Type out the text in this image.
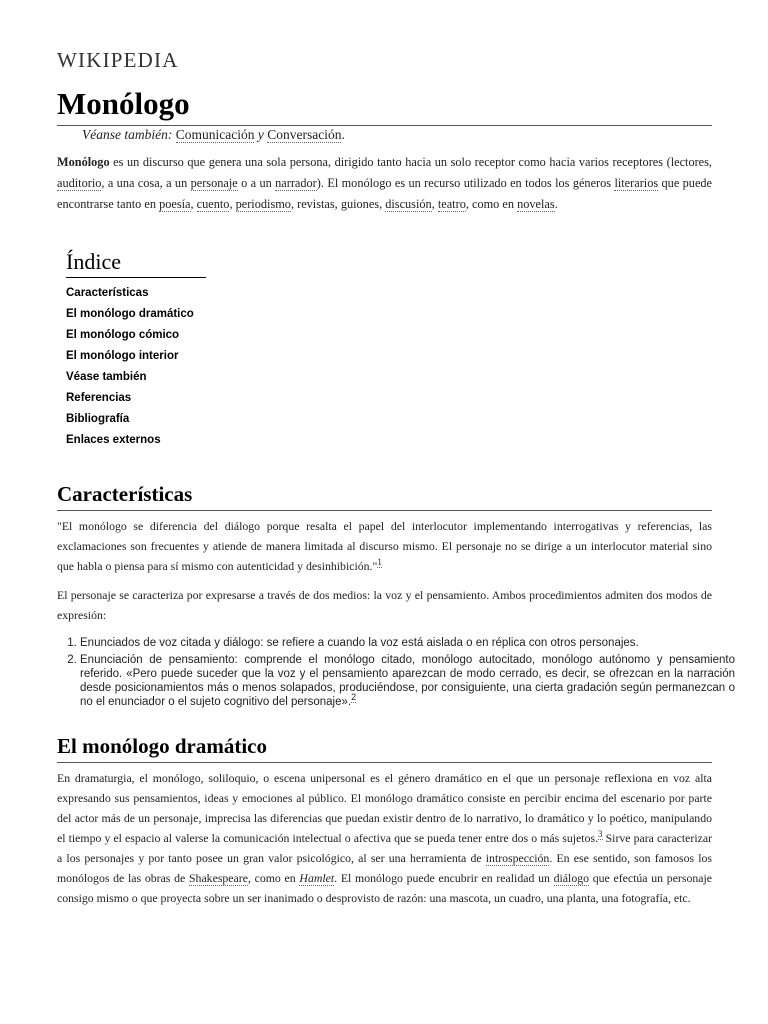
WIKIPEDIA
Monólogo
Véanse también: Comunicación y Conversación.
Monólogo es un discurso que genera una sola persona, dirigido tanto hacia un solo receptor como hacia varios receptores (lectores, auditorio, a una cosa, a un personaje o a un narrador). El monólogo es un recurso utilizado en todos los géneros literarios que puede encontrarse tanto en poesía, cuento, periodismo, revistas, guiones, discusión, teatro, como en novelas.
Índice
Características
El monólogo dramático
El monólogo cómico
El monólogo interior
Véase también
Referencias
Bibliografía
Enlaces externos
Características
"El monólogo se diferencia del diálogo porque resalta el papel del interlocutor implementando interrogativas y referencias, las exclamaciones son frecuentes y atiende de manera limitada al discurso mismo. El personaje no se dirige a un interlocutor material sino que habla o piensa para sí mismo con autenticidad y desinhibición."$^1$
El personaje se caracteriza por expresarse a través de dos medios: la voz y el pensamiento. Ambos procedimientos admiten dos modos de expresión:
1. Enunciados de voz citada y diálogo: se refiere a cuando la voz está aislada o en réplica con otros personajes.
2. Enunciación de pensamiento: comprende el monólogo citado, monólogo autocitado, monólogo autónomo y pensamiento referido. «Pero puede suceder que la voz y el pensamiento aparezcan de modo cerrado, es decir, se ofrezcan en la narración desde posicionamientos más o menos solapados, produciéndose, por consiguiente, una cierta gradación según permanezcan o no el enunciador o el sujeto cognitivo del personaje».$^2$
El monólogo dramático
En dramaturgia, el monólogo, soliloquio, o escena unipersonal es el género dramático en el que un personaje reflexiona en voz alta expresando sus pensamientos, ideas y emociones al público. El monólogo dramático consiste en percibir encima del escenario por parte del actor más de un personaje, imprecisa las diferencias que puedan existir dentro de lo narrativo, lo dramático y lo poético, manipulando el tiempo y el espacio al valerse la comunicación intelectual o afectiva que se pueda tener entre dos o más sujetos.$^3$ Sirve para caracterizar a los personajes y por tanto posee un gran valor psicológico, al ser una herramienta de introspección. En ese sentido, son famosos los monólogos de las obras de Shakespeare, como en Hamlet. El monólogo puede encubrir en realidad un diálogo que efectúa un personaje consigo mismo o que proyecta sobre un ser inanimado o desprovisto de razón: una mascota, un cuadro, una planta, una fotografía, etc.
